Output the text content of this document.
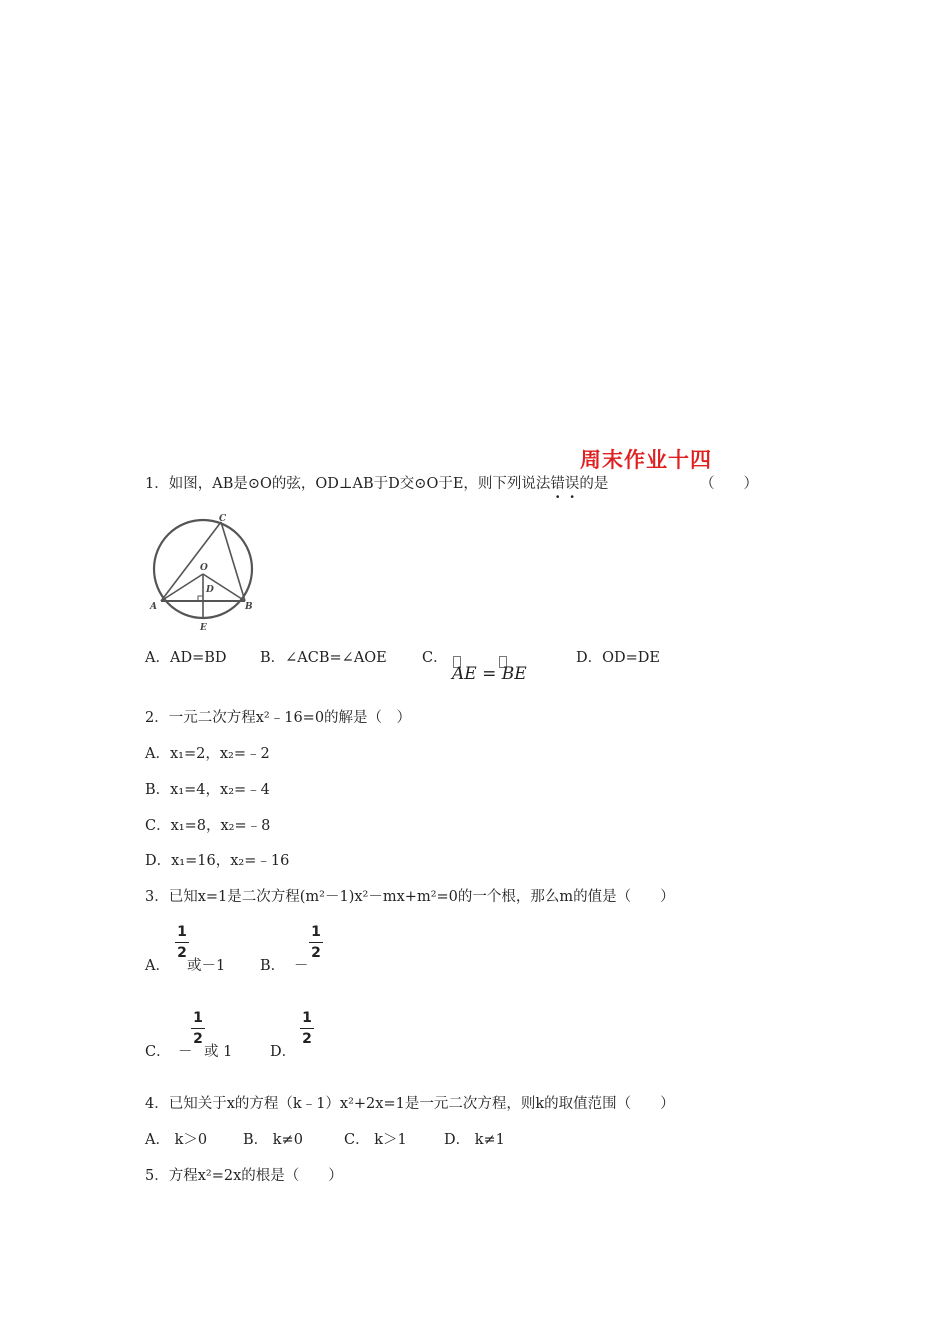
周末作业十四
1．如图，AB是⊙O的弦，OD⊥AB于D交⊙O于E，则下列说法错误的是	（　　）
A	B
C
O
D
E
A．AD=BD B．∠ACB=∠AOE C．
AE = BE
D．OD=DE
2．一元二次方程x²﹣16=0的解是（　）
A．x₁=2，x₂=﹣2
B．x₁=4，x₂=﹣4
C．x₁=8，x₂=﹣8
D．x₁=16，x₂=﹣16
3．已知x=1是二次方程(m²－1)x²－mx+m²=0的一个根，那么m的值是（　　）
A．
1
2
或－1 B． －
1
2
C． －
1
2
或 1	D．
1
2
4．已知关于x的方程（k﹣1）x²+2x=1是一元二次方程，则k的取值范围（　　）
A． k＞0 B． k≠0	C． k＞1	D． k≠1
5．方程x²=2x的根是（　　）
